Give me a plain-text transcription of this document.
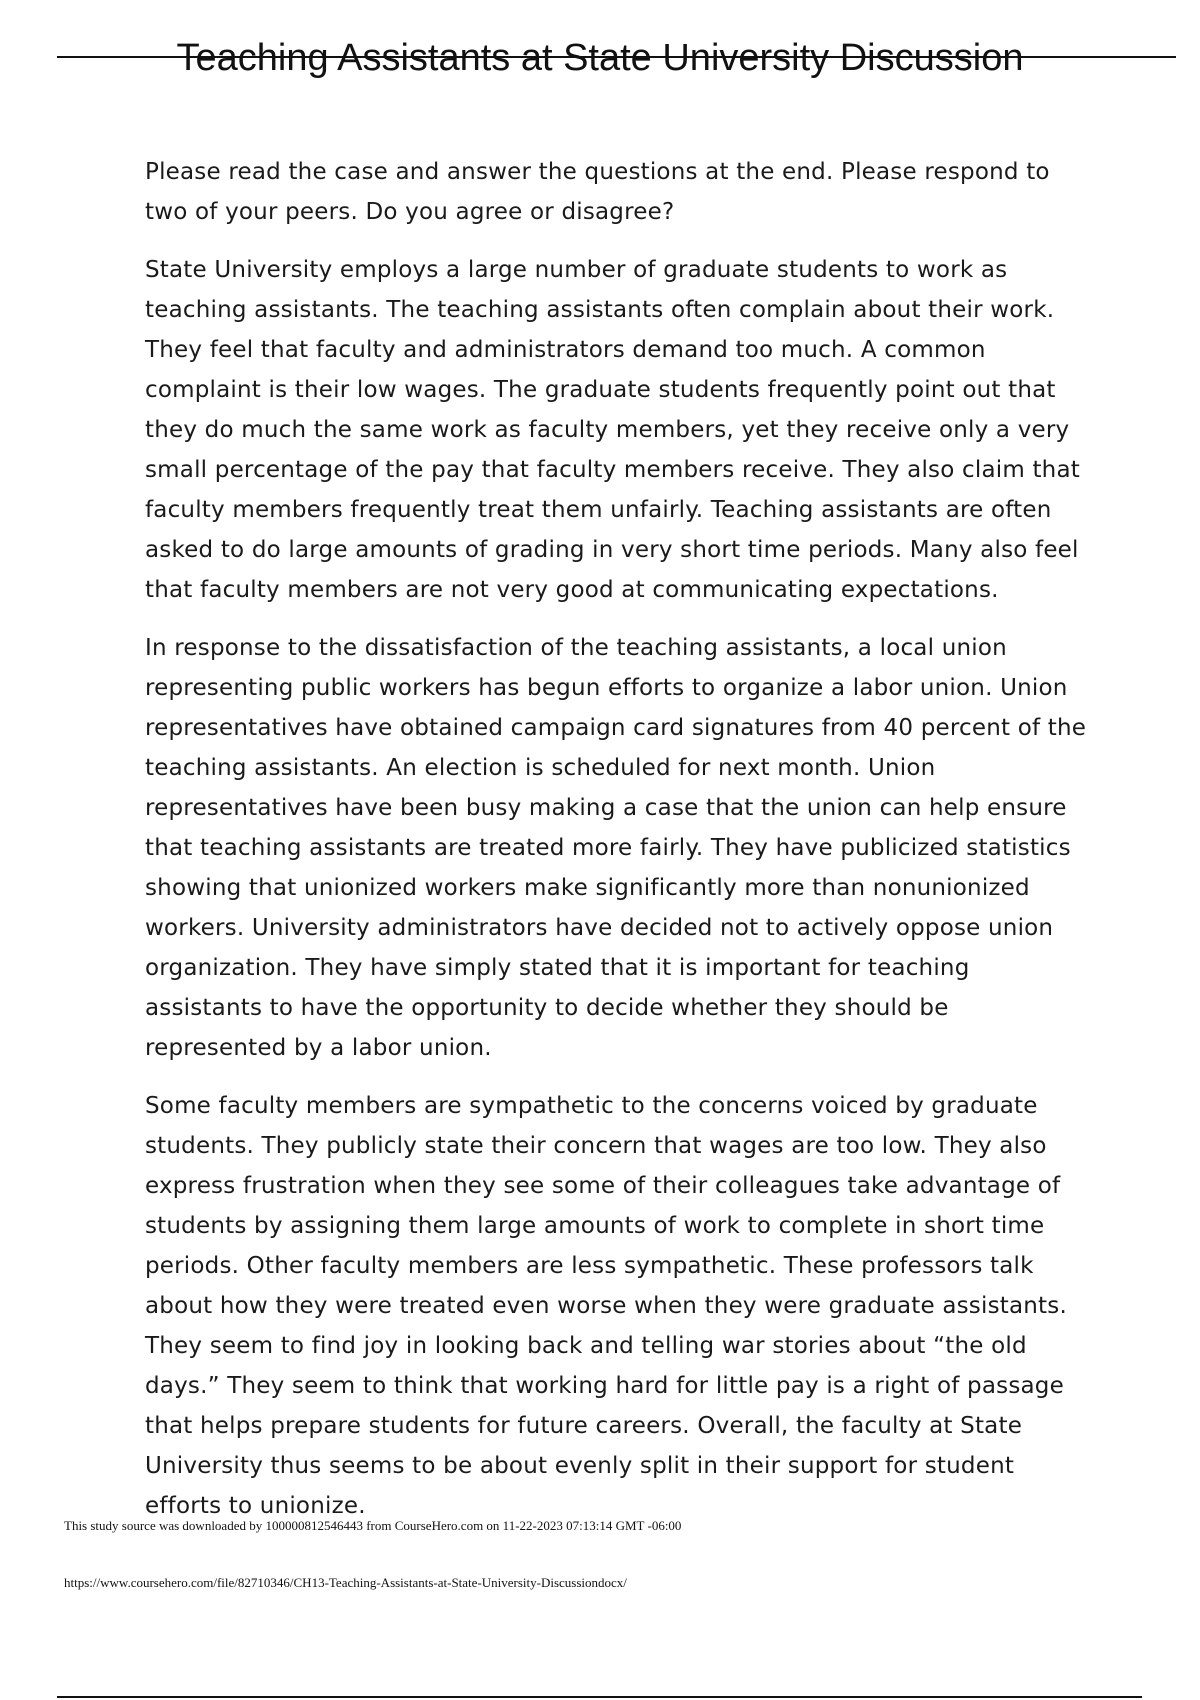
Teaching Assistants at State University Discussion

Please read the case and answer the questions at the end. Please respond to two of your peers. Do you agree or disagree?

State University employs a large number of graduate students to work as teaching assistants. The teaching assistants often complain about their work. They feel that faculty and administrators demand too much. A common complaint is their low wages. The graduate students frequently point out that they do much the same work as faculty members, yet they receive only a very small percentage of the pay that faculty members receive. They also claim that faculty members frequently treat them unfairly. Teaching assistants are often asked to do large amounts of grading in very short time periods. Many also feel that faculty members are not very good at communicating expectations.

In response to the dissatisfaction of the teaching assistants, a local union representing public workers has begun efforts to organize a labor union. Union representatives have obtained campaign card signatures from 40 percent of the teaching assistants. An election is scheduled for next month. Union representatives have been busy making a case that the union can help ensure that teaching assistants are treated more fairly. They have publicized statistics showing that unionized workers make significantly more than nonunionized workers. University administrators have decided not to actively oppose union organization. They have simply stated that it is important for teaching assistants to have the opportunity to decide whether they should be represented by a labor union.

Some faculty members are sympathetic to the concerns voiced by graduate students. They publicly state their concern that wages are too low. They also express frustration when they see some of their colleagues take advantage of students by assigning them large amounts of work to complete in short time periods. Other faculty members are less sympathetic. These professors talk about how they were treated even worse when they were graduate assistants. They seem to find joy in looking back and telling war stories about “the old days.” They seem to think that working hard for little pay is a right of passage that helps prepare students for future careers. Overall, the faculty at State University thus seems to be about evenly split in their support for student efforts to unionize.

This study source was downloaded by 100000812546443 from CourseHero.com on 11-22-2023 07:13:14 GMT -06:00
https://www.coursehero.com/file/82710346/CH13-Teaching-Assistants-at-State-University-Discussiondocx/
